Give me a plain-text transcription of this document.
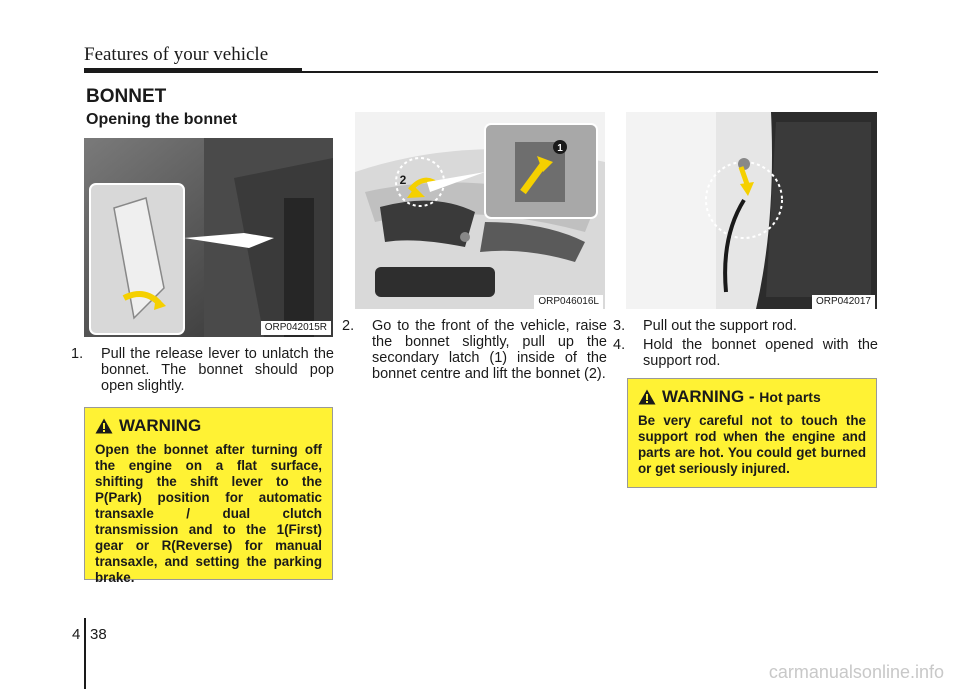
Features of your vehicle
BONNET
Opening the bonnet
ORP042015R
1
2
ORP046016L	ORP042017
1. Pull the release lever to unlatch the bonnet. The bonnet should pop open slightly.
2. Go to the front of the vehicle, raise the bonnet slightly, pull up the secondary latch (1) inside of the bonnet centre and lift the bonnet (2).
3. Pull out the support rod.
4. Hold the bonnet opened with the support rod.
WARNING
Open the bonnet after turning off the engine on a flat surface, shifting the shift lever to the P(Park) position for automatic transaxle / dual clutch transmission and to the 1(First) gear or R(Reverse) for manual transaxle, and setting the parking brake.
WARNING - Hot parts
Be very careful not to touch the support rod when the engine and parts are hot. You could get burned or get seriously injured.
4 38
carmanualsonline.info
